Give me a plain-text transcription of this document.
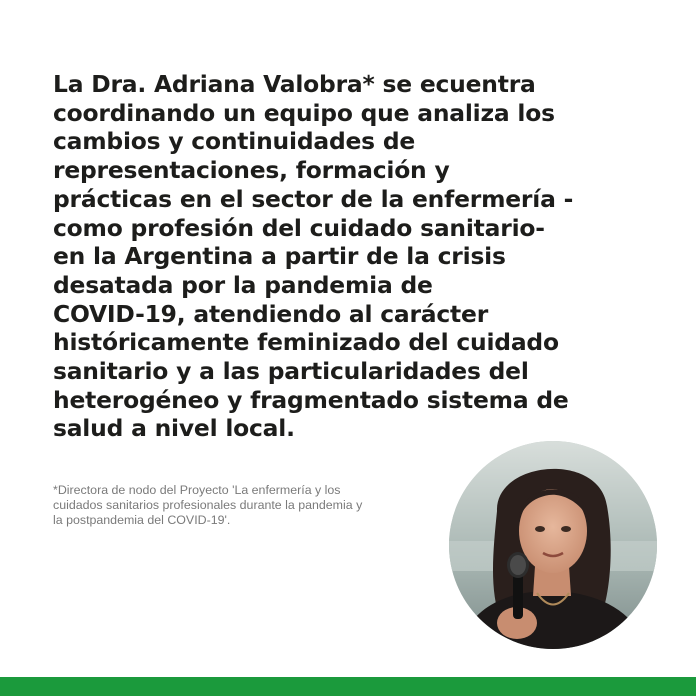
La Dra. Adriana Valobra* se ecuentra
coordinando un equipo que analiza los
cambios y continuidades de
representaciones, formación y
prácticas en el sector de la enfermería -
como profesión del cuidado sanitario-
en la Argentina a partir de la crisis
desatada por la pandemia de
COVID-19, atendiendo al carácter
históricamente feminizado del cuidado
sanitario y a las particularidades del
heterogéneo y fragmentado sistema de
salud a nivel local.

*Directora de nodo del Proyecto 'La enfermería y los
cuidados sanitarios profesionales durante la pandemia y
la postpandemia del COVID-19'.
